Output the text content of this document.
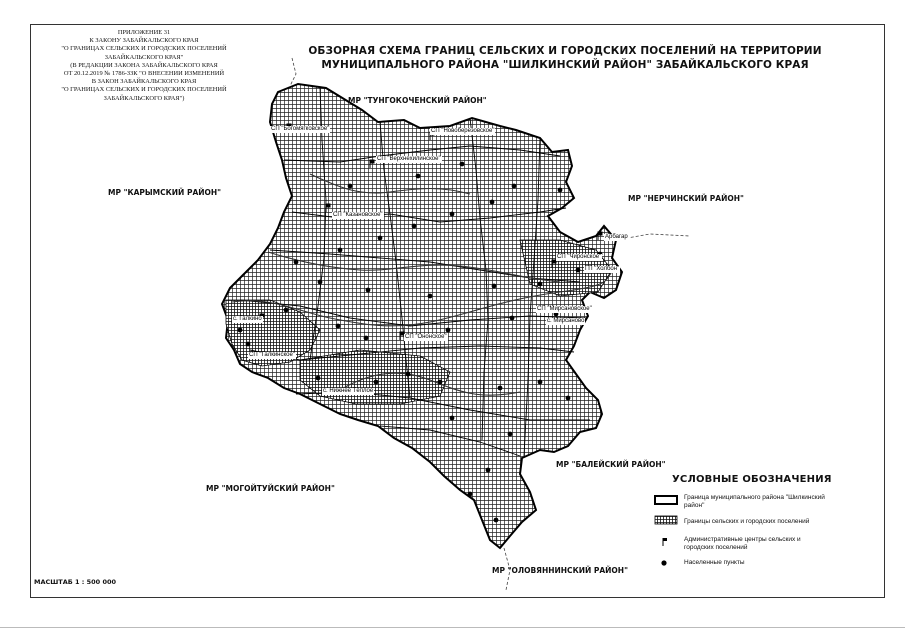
ПРИЛОЖЕНИЕ 31
К ЗАКОНУ ЗАБАЙКАЛЬСКОГО КРАЯ
"О ГРАНИЦАХ СЕЛЬСКИХ И ГОРОДСКИХ ПОСЕЛЕНИЙ
ЗАБАЙКАЛЬСКОГО КРАЯ"
(В РЕДАКЦИИ ЗАКОНА ЗАБАЙКАЛЬСКОГО КРАЯ
ОТ 20.12.2019 № 1786-ЗЗК "О ВНЕСЕНИИ ИЗМЕНЕНИЙ
В ЗАКОН ЗАБАЙКАЛЬСКОГО КРАЯ
"О ГРАНИЦАХ СЕЛЬСКИХ И ГОРОДСКИХ ПОСЕЛЕНИЙ
ЗАБАЙКАЛЬСКОГО КРАЯ")
ОБЗОРНАЯ СХЕМА ГРАНИЦ СЕЛЬСКИХ И ГОРОДСКИХ ПОСЕЛЕНИЙ НА ТЕРРИТОРИИ
МУНИЦИПАЛЬНОГО РАЙОНА "ШИЛКИНСКИЙ РАЙОН" ЗАБАЙКАЛЬСКОГО КРАЯ
МР "ТУНГОКОЧЕНСКИЙ РАЙОН"
МР "КАРЫМСКИЙ РАЙОН"
МР "НЕРЧИНСКИЙ РАЙОН"
МР "БАЛЕЙСКИЙ РАЙОН"
МР "МОГОЙТУЙСКИЙ РАЙОН"
МР "ОЛОВЯННИНСКИЙ РАЙОН"
СП "Богомягковское"	СП "Новоберезовское"
СП "Верхнехилинское"
СП "Ононское"
СП "Казановское"
СП "Мирсановское"
СП "Галкинское"
СП "Чиронское"
с. Галкино
с. Нижнее Тёплое
ГП "Холбон"
Арбагар
с. Мирсаново
УСЛОВНЫЕ ОБОЗНАЧЕНИЯ
Граница муниципального района "Шилкинский район"
Границы сельских и городских поселений
Административные центры сельских и городских поселений
Населенные пункты
МАСШТАБ 1 : 500 000
